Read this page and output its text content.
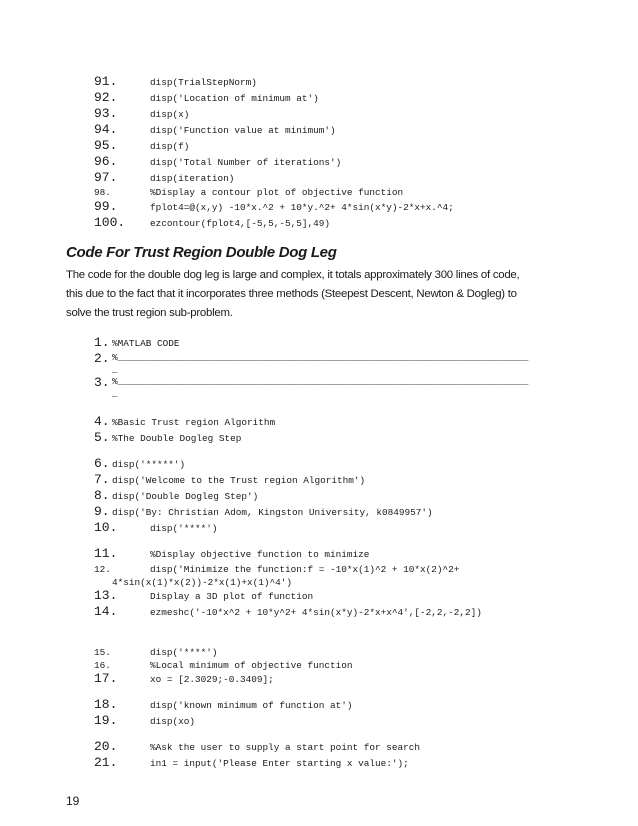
91.	disp(TrialStepNorm)
92.	disp('Location of minimum at')
93.	disp(x)
94.	disp('Function value at minimum')
95.	disp(f)
96.	disp('Total Number of iterations')
97.	disp(iteration)
98.	%Display a contour plot of objective function
99.	fplot4=@(x,y) -10*x.^2 + 10*y.^2+ 4*sin(x*y)-2*x+x.^4;
100.	ezcontour(fplot4,[-5,5,-5,5],49)
Code For Trust Region Double Dog Leg
The code for the double dog leg is large and complex, it totals approximately 300 lines of code,
this due to the fact that it incorporates three methods (Steepest Descent, Newton & Dogleg) to
solve the trust region sub-problem.
1. %MATLAB CODE
2. %_________________________________________________________________________
_
3. %_________________________________________________________________________
_
4. %Basic Trust region Algorithm
5. %The Double Dogleg Step
6. disp('*****')
7. disp('Welcome to the Trust region Algorithm')
8. disp('Double Dogleg Step')
9. disp('By: Christian Adom, Kingston University, k0849957')
10.	disp('****')
11.	%Display objective function to minimize
12.	disp('Minimize the function:f = -10*x(1)^2 + 10*x(2)^2+
4*sin(x(1)*x(2))-2*x(1)+x(1)^4')
13.	Display a 3D plot of function
14.	ezmeshc('-10*x^2 + 10*y^2+ 4*sin(x*y)-2*x+x^4',[-2,2,-2,2])
15.	disp('****')
16.	%Local minimum of objective function
17.	xo = [2.3029;-0.3409];
18.	disp('known minimum of function at')
19.	disp(xo)
20.	%Ask the user to supply a start point for search
21.	in1 = input('Please Enter starting x value:');
19
